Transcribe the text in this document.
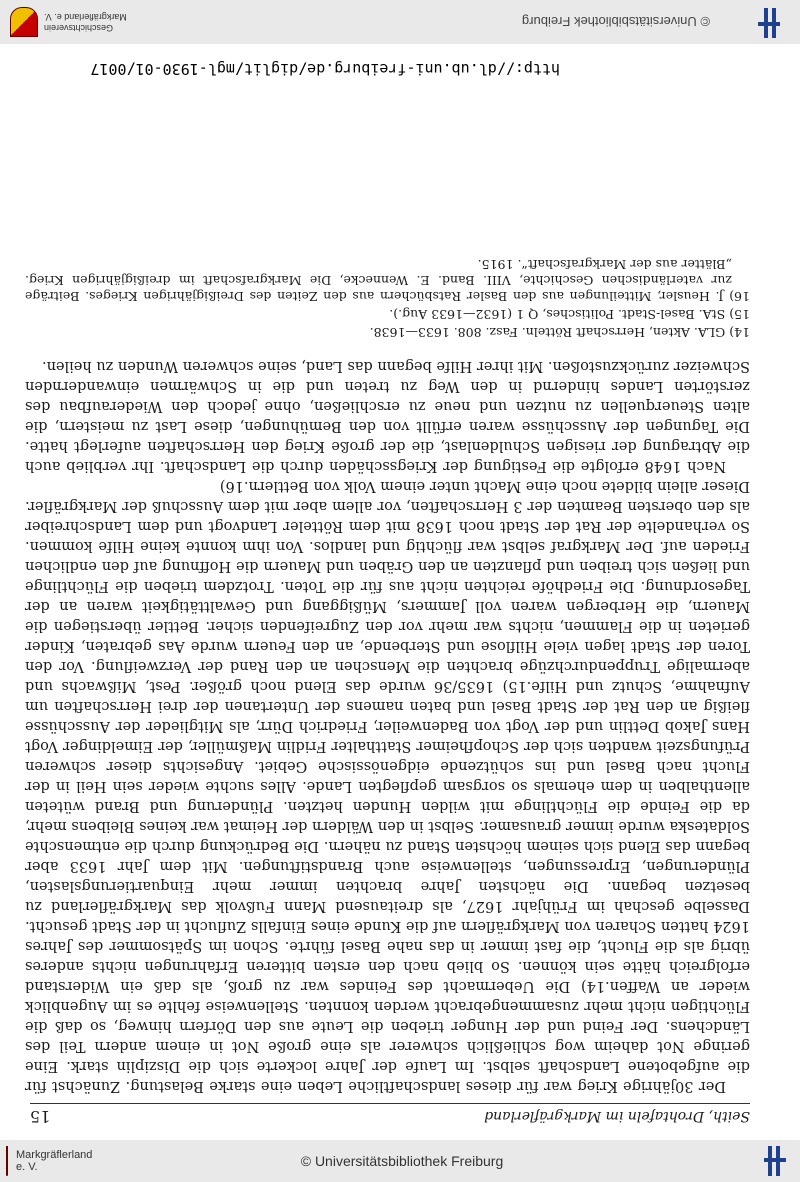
Markgräflerland e. V.	© Universitätsbibliothek Freiburg
Seith, Drohtafeln im Markgräflerland
15

Der 30jährige Krieg war für dieses landschaftliche Leben eine starke Belastung. Zunächst für die aufgebotene Landschaft selbst. Im Laufe der Jahre lockerte sich die Disziplin stark. Eine geringe Not daheim wog schließlich schwerer als eine große Not in einem andern Teil des Ländchens. Der Feind und der Hunger trieben die Leute aus den Dörfern hinweg, so daß die Flüchtigen nicht mehr zusammengebracht werden konnten. Stellenweise fehlte es im Augenblick wieder an Waffen.14) Die Uebermacht des Feindes war zu groß, als daß ein Widerstand erfolgreich hätte sein können. So blieb nach den ersten bitteren Erfahrungen nichts anderes übrig als die Flucht, die fast immer in das nahe Basel führte. Schon im Spätsommer des Jahres 1624 hatten Scharen von Markgräflern auf die Kunde eines Einfalls Zuflucht in der Stadt gesucht. Dasselbe geschah im Frühjahr 1627, als dreitausend Mann Fußvolk das Markgräflerland zu besetzen begann. Die nächsten Jahre brachten immer mehr Einquartierungslasten, Plünderungen, Erpressungen, stellenweise auch Brandstiftungen. Mit dem Jahr 1633 aber begann das Elend sich seinem höchsten Stand zu nähern. Die Bedrückung durch die entmenschte Soldateska wurde immer grausamer. Selbst in den Wäldern der Heimat war keines Bleibens mehr, da die Feinde die Flüchtlinge mit wilden Hunden hetzten. Plünderung und Brand wüteten allenthalben in dem ehemals so sorgsam gepflegten Lande. Alles suchte wieder sein Heil in der Flucht nach Basel und ins schützende eidgenössische Gebiet. Angesichts dieser schweren Prüfungszeit wandten sich der Schopfheimer Statthalter Fridlin Maßmüller, der Eimeldinger Vogt Hans Jakob Dettlin und der Vogt von Badenweiler, Friedrich Dürr, als Mitglieder der Ausschüsse fleißig an den Rat der Stadt Basel und baten namens der Untertanen der drei Herrschaften um Aufnahme, Schutz und Hilfe.15) 1635/36 wurde das Elend noch größer. Pest, Mißwachs und abermalige Truppendurchzüge brachten die Menschen an den Rand der Verzweiflung. Vor den Toren der Stadt lagen viele Hilflose und Sterbende, an den Feuern wurde Aas gebraten, Kinder gerieten in die Flammen, nichts war mehr vor den Zugreifenden sicher. Bettler überstiegen die Mauern, die Herbergen waren voll Jammers, Müßiggang und Gewalttätigkeit waren an der Tagesordnung. Die Friedhöfe reichten nicht aus für die Toten. Trotzdem trieben die Flüchtlinge und ließen sich treiben und pflanzten an den Gräben und Mauern die Hoffnung auf den endlichen Frieden auf. Der Markgraf selbst war flüchtig und landlos. Von ihm konnte keine Hilfe kommen. So verhandelte der Rat der Stadt noch 1638 mit dem Rötteler Landvogt und dem Landschreiber als den obersten Beamten der 3 Herrschaften, vor allem aber mit dem Ausschuß der Markgräfler. Dieser allein bildete noch eine Macht unter einem Volk von Bettlern.16)

Nach 1648 erfolgte die Festigung der Kriegsschäden durch die Landschaft. Ihr verblieb auch die Abtragung der riesigen Schuldenlast, die der große Krieg den Herrschaften auferlegt hatte. Die Tagungen der Ausschüsse waren erfüllt von den Bemühungen, diese Last zu meistern, die alten Steuerquellen zu nutzen und neue zu erschließen, ohne jedoch den Wiederaufbau des zerstörten Landes hindernd in den Weg zu treten und die in Schwärmen einwandernden Schweizer zurückzustoßen. Mit ihrer Hilfe begann das Land, seine schweren Wunden zu heilen.

14) GLA. Akten, Herrschaft Rötteln. Fasz. 808. 1633—1638.

15) StA. Basel-Stadt. Politisches, Q 1 (1632—1633 Aug.).

16) J. Heusler, Mitteilungen aus den Basler Ratsbüchern aus den Zeiten des Dreißigjährigen Krieges. Beiträge zur vaterländischen Geschichte, VIII. Band. E. Wennecke, Die Markgrafschaft im dreißigjährigen Krieg. „Blätter aus der Markgrafschaft“. 1915.

http://dl.ub.uni-freiburg.de/diglit/mgl-1930-01/0017
© Universitätsbibliothek Freiburg
Geschichtsverein
Markgräflerland e. V.
